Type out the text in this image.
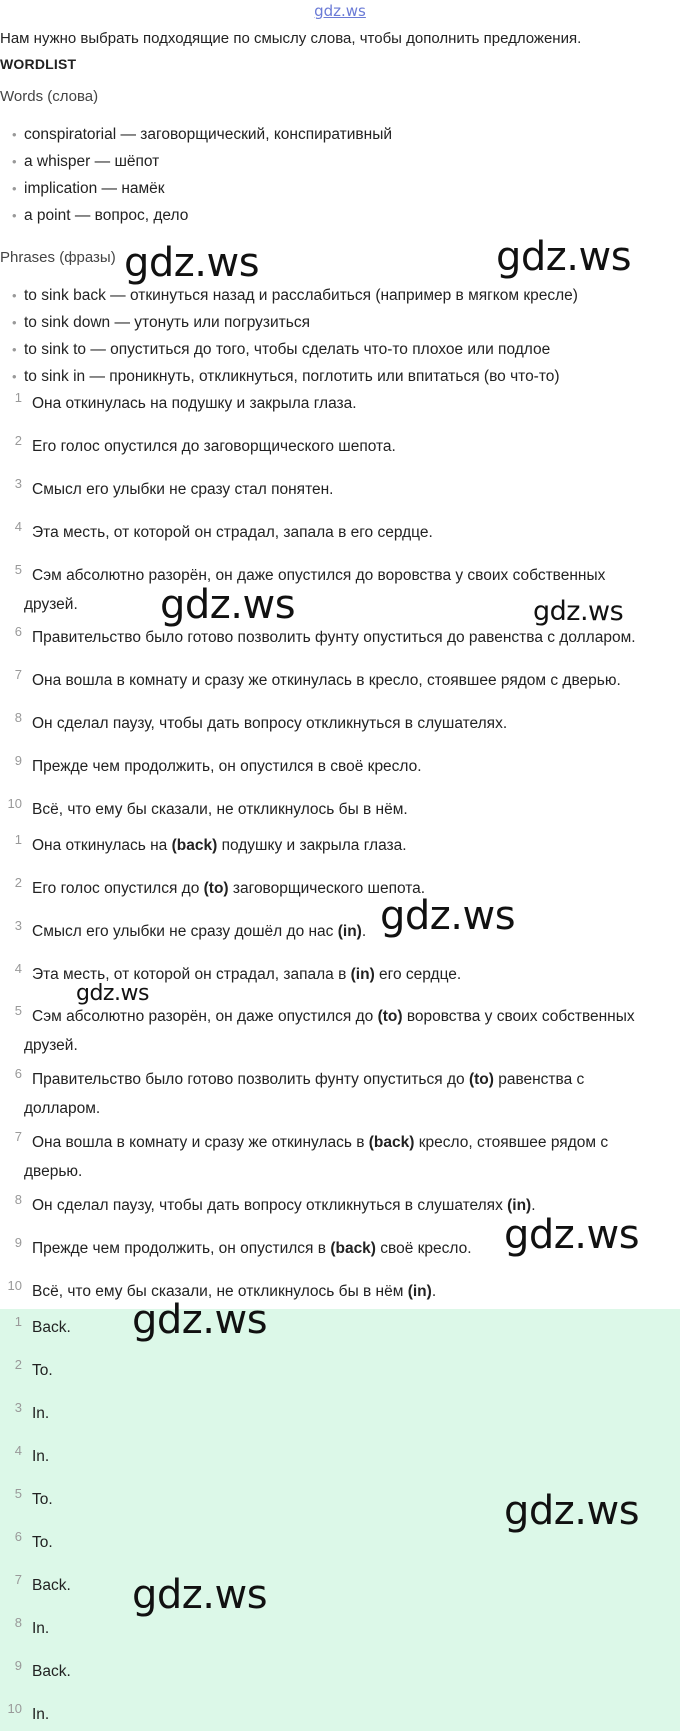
gdz.ws
Нам нужно выбрать подходящие по смыслу слова, чтобы дополнить предложения.
WORDLIST
Words (слова)
• conspiratorial — заговорщический, конспиративный
• a whisper — шёпот
• implication — намёк
• a point — вопрос, дело
Phrases (фразы)
• to sink back — откинуться назад и расслабиться (например в мягком кресле)
• to sink down — утонуть или погрузиться
• to sink to — опуститься до того, чтобы сделать что-то плохое или подлое
• to sink in — проникнуть, откликнуться, поглотить или впитаться (во что-то)
1 Она откинулась на подушку и закрыла глаза.
2 Его голос опустился до заговорщического шепота.
3 Смысл его улыбки не сразу стал понятен.
4 Эта месть, от которой он страдал, запала в его сердце.
5 Сэм абсолютно разорён, он даже опустился до воровства у своих собственных
друзей.
6 Правительство было готово позволить фунту опуститься до равенства с долларом.
7 Она вошла в комнату и сразу же откинулась в кресло, стоявшее рядом с дверью.
8 Он сделал паузу, чтобы дать вопросу откликнуться в слушателях.
9 Прежде чем продолжить, он опустился в своё кресло.
10 Всё, что ему бы сказали, не откликнулось бы в нём.
1 Она откинулась на (back) подушку и закрыла глаза.
2 Его голос опустился до (to) заговорщического шепота.
3 Смысл его улыбки не сразу дошёл до нас (in).
4 Эта месть, от которой он страдал, запала в (in) его сердце.
5 Сэм абсолютно разорён, он даже опустился до (to) воровства у своих собственных
друзей.
6 Правительство было готово позволить фунту опуститься до (to) равенства с
долларом.
7 Она вошла в комнату и сразу же откинулась в (back) кресло, стоявшее рядом с
дверью.
8 Он сделал паузу, чтобы дать вопросу откликнуться в слушателях (in).
9 Прежде чем продолжить, он опустился в (back) своё кресло.
10 Всё, что ему бы сказали, не откликнулось бы в нём (in).
1 Back.
2 To.
3 In.
4 In.
5 To.
6 To.
7 Back.
8 In.
9 Back.
10 In.
gdz.ws	gdz.ws
gdz.ws	gdz.ws
gdz.ws
gdz.ws
gdz.ws
gdz.ws
gdz.ws
gdz.ws
